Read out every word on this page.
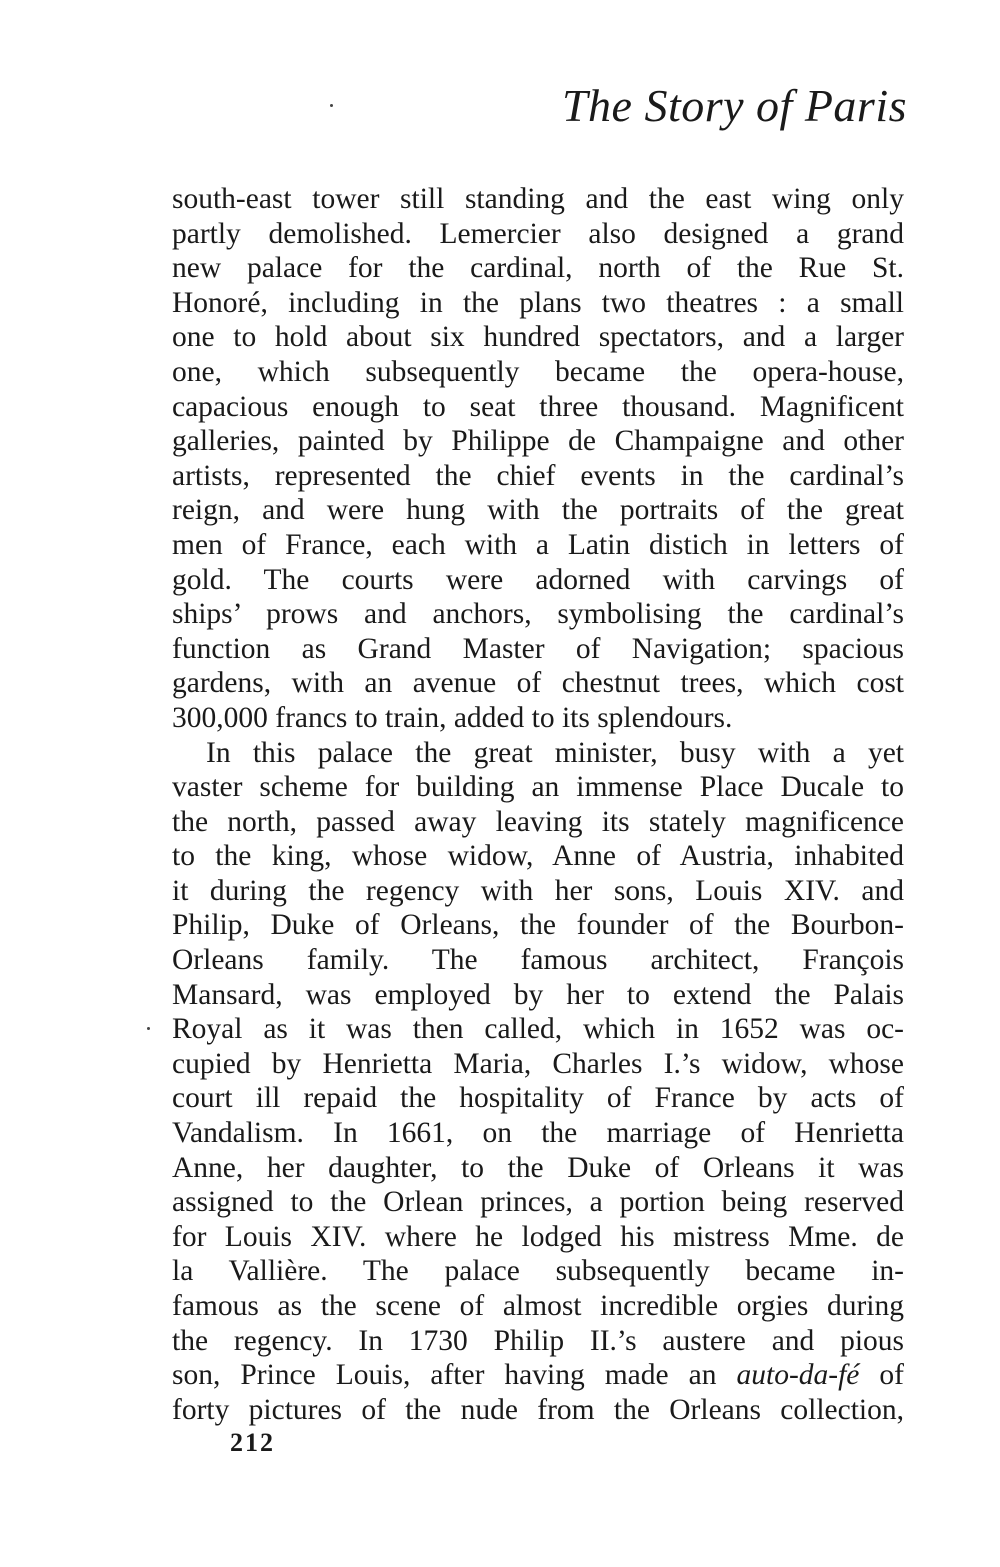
The Story of Paris
south-east tower still standing and the east wing only
partly demolished. Lemercier also designed a grand
new palace for the cardinal, north of the Rue St.
Honoré, including in the plans two theatres : a small
one to hold about six hundred spectators, and a larger
one, which subsequently became the opera-house,
capacious enough to seat three thousand. Magnificent
galleries, painted by Philippe de Champaigne and other
artists, represented the chief events in the cardinal’s
reign, and were hung with the portraits of the great
men of France, each with a Latin distich in letters of
gold. The courts were adorned with carvings of
ships’ prows and anchors, symbolising the cardinal’s
function as Grand Master of Navigation; spacious
gardens, with an avenue of chestnut trees, which cost
300,000 francs to train, added to its splendours.
In this palace the great minister, busy with a yet
vaster scheme for building an immense Place Ducale to
the north, passed away leaving its stately magnificence
to the king, whose widow, Anne of Austria, inhabited
it during the regency with her sons, Louis XIV. and
Philip, Duke of Orleans, the founder of the Bourbon-
Orleans family. The famous architect, François
Mansard, was employed by her to extend the Palais
Royal as it was then called, which in 1652 was oc-
cupied by Henrietta Maria, Charles I.’s widow, whose
court ill repaid the hospitality of France by acts of
Vandalism. In 1661, on the marriage of Henrietta
Anne, her daughter, to the Duke of Orleans it was
assigned to the Orlean princes, a portion being reserved
for Louis XIV. where he lodged his mistress Mme. de
la Vallière. The palace subsequently became in-
famous as the scene of almost incredible orgies during
the regency. In 1730 Philip II.’s austere and pious
son, Prince Louis, after having made an auto-da-fé of
forty pictures of the nude from the Orleans collection,
212
